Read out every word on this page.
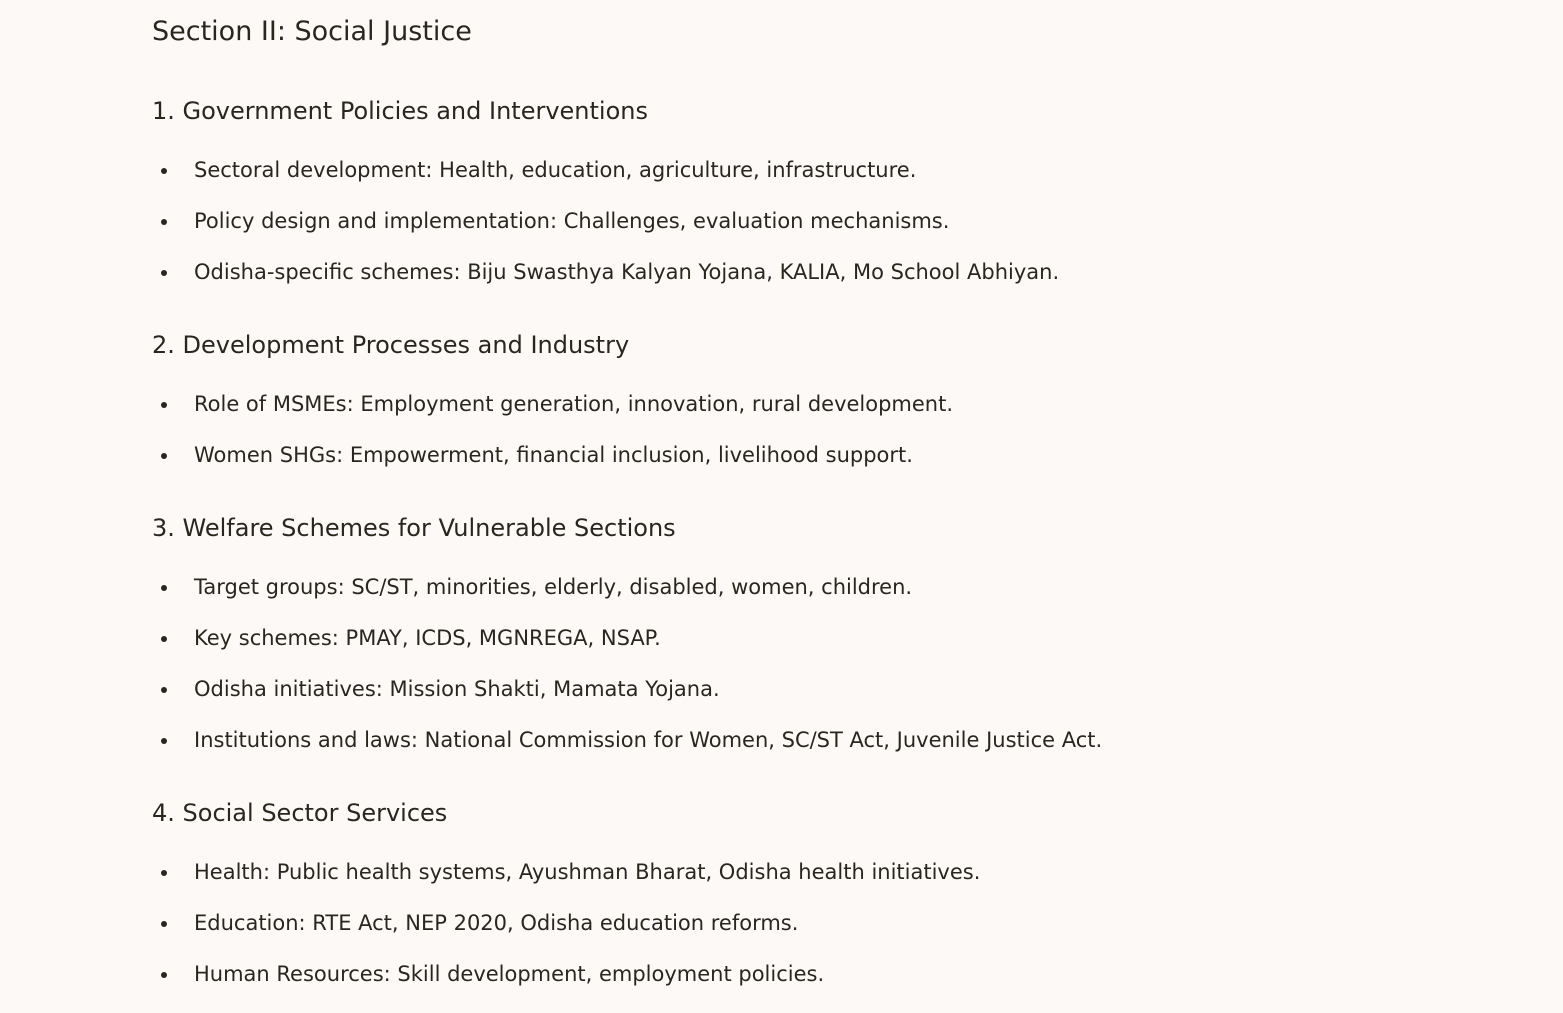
Section II: Social Justice
1. Government Policies and Interventions
Sectoral development: Health, education, agriculture, infrastructure.
Policy design and implementation: Challenges, evaluation mechanisms.
Odisha-specific schemes: Biju Swasthya Kalyan Yojana, KALIA, Mo School Abhiyan.
2. Development Processes and Industry
Role of MSMEs: Employment generation, innovation, rural development.
Women SHGs: Empowerment, financial inclusion, livelihood support.
3. Welfare Schemes for Vulnerable Sections
Target groups: SC/ST, minorities, elderly, disabled, women, children.
Key schemes: PMAY, ICDS, MGNREGA, NSAP.
Odisha initiatives: Mission Shakti, Mamata Yojana.
Institutions and laws: National Commission for Women, SC/ST Act, Juvenile Justice Act.
4. Social Sector Services
Health: Public health systems, Ayushman Bharat, Odisha health initiatives.
Education: RTE Act, NEP 2020, Odisha education reforms.
Human Resources: Skill development, employment policies.
